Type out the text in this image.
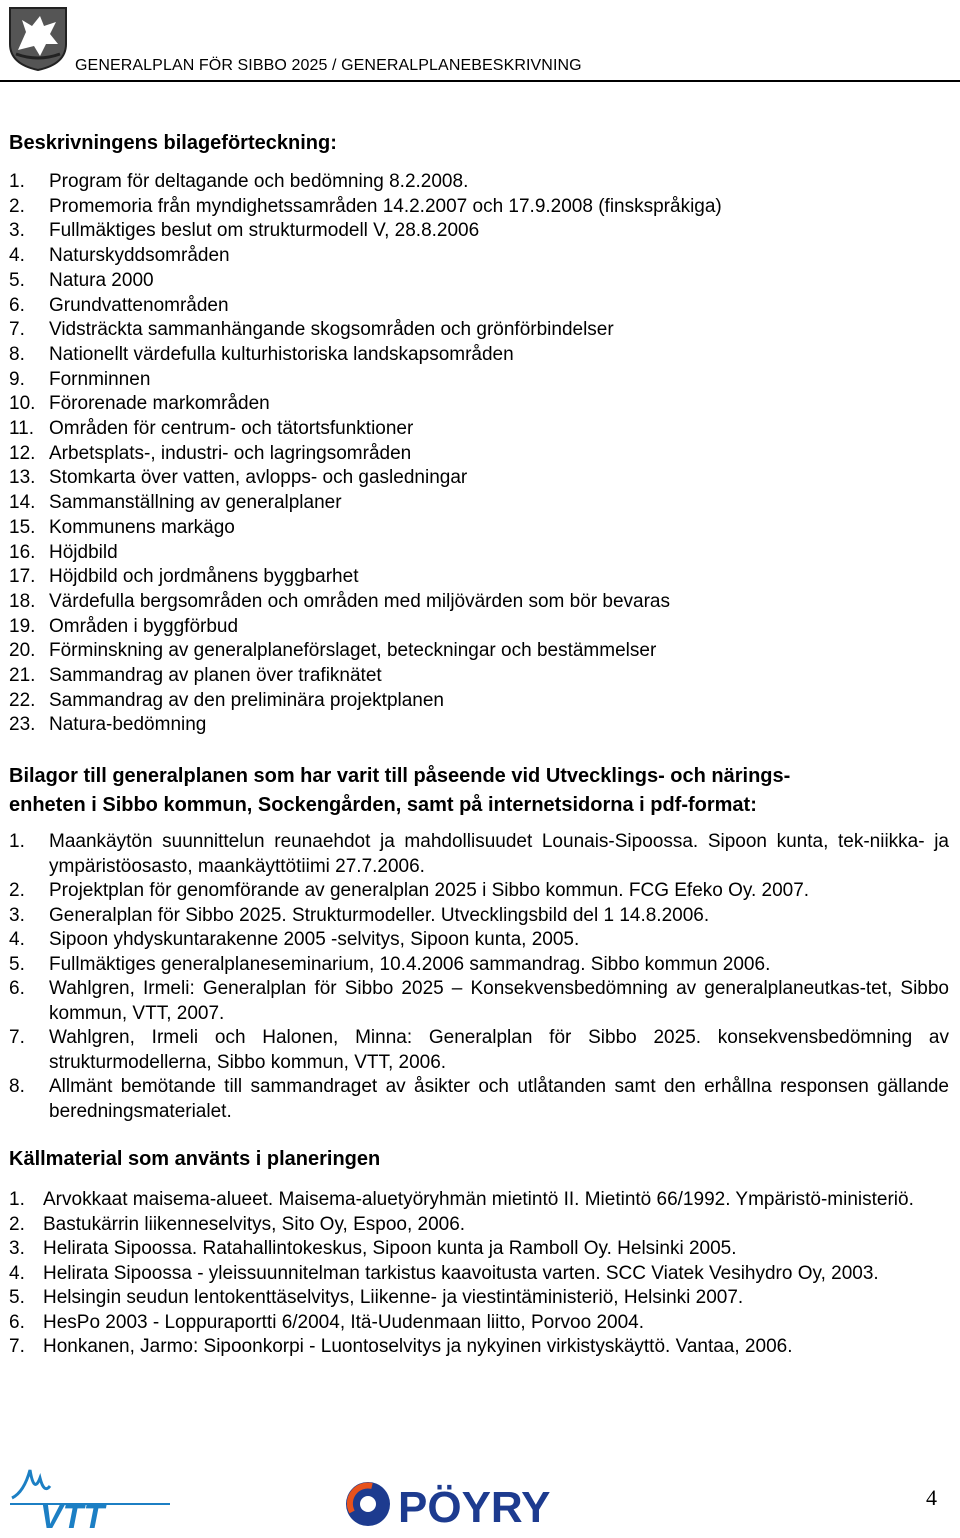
GENERALPLAN FÖR SIBBO 2025 / GENERALPLANEBESKRIVNING
Beskrivningens bilageförteckning:
1.	Program för deltagande och bedömning 8.2.2008.
2.	Promemoria från myndighetssamråden 14.2.2007 och 17.9.2008 (finskspråkiga)
3.	Fullmäktiges beslut om strukturmodell V, 28.8.2006
4.	Naturskyddsområden
5.	Natura 2000
6.	Grundvattenområden
7.	Vidsträckta sammanhängande skogsområden och grönförbindelser
8.	Nationellt värdefulla kulturhistoriska landskapsområden
9.	Fornminnen
10. Förorenade markområden
11. Områden för centrum- och tätortsfunktioner
12. Arbetsplats-, industri- och lagringsområden
13. Stomkarta över vatten, avlopps- och gasledningar
14. Sammanställning av generalplaner
15. Kommunens markägo
16. Höjdbild
17. Höjdbild och jordmånens byggbarhet
18. Värdefulla bergsområden och områden med miljövärden som bör bevaras
19. Områden i byggförbud
20. Förminskning av generalplaneförslaget, beteckningar och bestämmelser
21. Sammandrag av planen över trafiknätet
22. Sammandrag av den preliminära projektplanen
23. Natura-bedömning
Bilagor till generalplanen som har varit till påseende vid Utvecklings- och närings-
enheten i Sibbo kommun, Sockengården, samt på internetsidorna i pdf-format:
1.	Maankäytön suunnittelun reunaehdot ja mahdollisuudet Lounais-Sipoossa. Sipoon kunta, tek-niikka- ja ympäristöosasto, maankäyttötiimi 27.7.2006.
2.	Projektplan för genomförande av generalplan 2025 i Sibbo kommun. FCG Efeko Oy. 2007.
3.	Generalplan för Sibbo 2025. Strukturmodeller. Utvecklingsbild del 1 14.8.2006.
4.	Sipoon yhdyskuntarakenne 2005 -selvitys, Sipoon kunta, 2005.
5.	Fullmäktiges generalplaneseminarium, 10.4.2006 sammandrag. Sibbo kommun 2006.
6.	Wahlgren, Irmeli: Generalplan för Sibbo 2025 – Konsekvensbedömning av generalplaneutkas-tet, Sibbo kommun, VTT, 2007.
7.	Wahlgren, Irmeli och Halonen, Minna: Generalplan för Sibbo 2025. konsekvensbedömning av strukturmodellerna, Sibbo kommun, VTT, 2006.
8.	Allmänt bemötande till sammandraget av åsikter och utlåtanden samt den erhållna responsen gällande beredningsmaterialet.
Källmaterial som använts i planeringen
1. Arvokkaat maisema-alueet. Maisema-aluetyöryhmän mietintö II. Mietintö 66/1992. Ympäristö-ministeriö.
2. Bastukärrin liikenneselvitys, Sito Oy, Espoo, 2006.
3. Helirata Sipoossa. Ratahallintokeskus, Sipoon kunta ja Ramboll Oy. Helsinki 2005.
4. Helirata Sipoossa - yleissuunnitelman tarkistus kaavoitusta varten. SCC Viatek Vesihydro Oy, 2003.
5. Helsingin seudun lentokenttäselvitys, Liikenne- ja viestintäministeriö, Helsinki 2007.
6. HesPo 2003 - Loppuraportti 6/2004, Itä-Uudenmaan liitto, Porvoo 2004.
7. Honkanen, Jarmo: Sipoonkorpi - Luontoselvitys ja nykyinen virkistyskäyttö. Vantaa, 2006.
VTT	PÖYRY	4
